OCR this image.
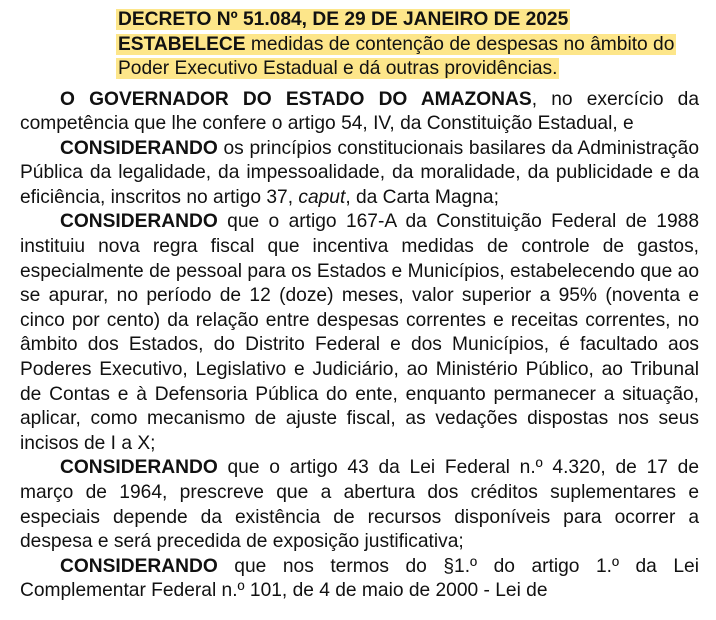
DECRETO Nº 51.084, DE 29 DE JANEIRO DE 2025
ESTABELECE medidas de contenção de despesas no âmbito do Poder Executivo Estadual e dá outras providências.

O GOVERNADOR DO ESTADO DO AMAZONAS, no exercício da competência que lhe confere o artigo 54, IV, da Constituição Estadual, e

CONSIDERANDO os princípios constitucionais basilares da Administração Pública da legalidade, da impessoalidade, da moralidade, da publicidade e da eficiência, inscritos no artigo 37, caput, da Carta Magna;

CONSIDERANDO que o artigo 167-A da Constituição Federal de 1988 instituiu nova regra fiscal que incentiva medidas de controle de gastos, especialmente de pessoal para os Estados e Municípios, estabelecendo que ao se apurar, no período de 12 (doze) meses, valor superior a 95% (noventa e cinco por cento) da relação entre despesas correntes e receitas correntes, no âmbito dos Estados, do Distrito Federal e dos Municípios, é facultado aos Poderes Executivo, Legislativo e Judiciário, ao Ministério Público, ao Tribunal de Contas e à Defensoria Pública do ente, enquanto permanecer a situação, aplicar, como mecanismo de ajuste fiscal, as vedações dispostas nos seus incisos de I a X;

CONSIDERANDO que o artigo 43 da Lei Federal n.º 4.320, de 17 de março de 1964, prescreve que a abertura dos créditos suplementares e especiais depende da existência de recursos disponíveis para ocorrer a despesa e será precedida de exposição justificativa;

CONSIDERANDO que nos termos do §1.º do artigo 1.º da Lei Complementar Federal n.º 101, de 4 de maio de 2000 - Lei de
